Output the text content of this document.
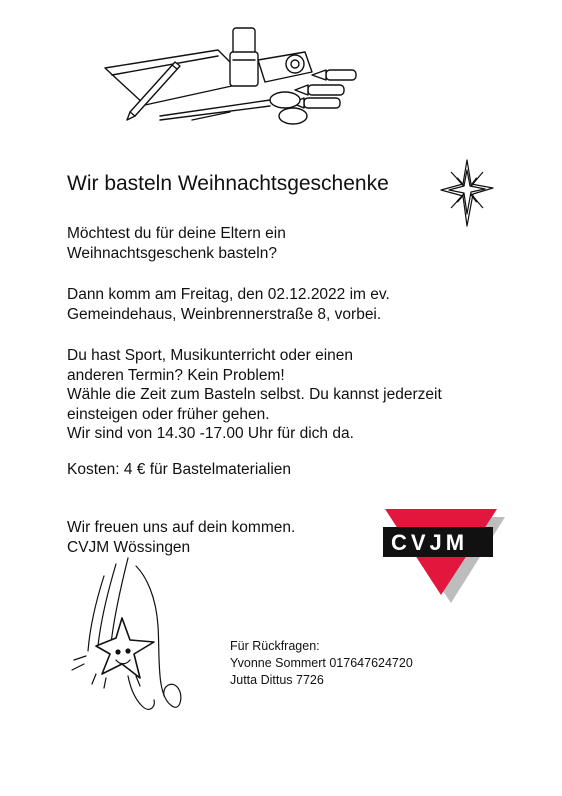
Wir basteln Weihnachtsgeschenke
Möchtest du für deine Eltern ein
Weihnachtsgeschenk basteln?
Dann komm am Freitag, den 02.12.2022 im ev.
Gemeindehaus, Weinbrennerstraße 8, vorbei.
Du hast Sport, Musikunterricht oder einen
anderen Termin? Kein Problem!
Wähle die Zeit zum Basteln selbst. Du kannst jederzeit
einsteigen oder früher gehen.
Wir sind von 14.30 -17.00 Uhr für dich da.
Kosten: 4 € für Bastelmaterialien
Wir freuen uns auf dein kommen.
CVJM Wössingen	CVJM
Für Rückfragen:
Yvonne Sommert 017647624720
Jutta Dittus 7726
